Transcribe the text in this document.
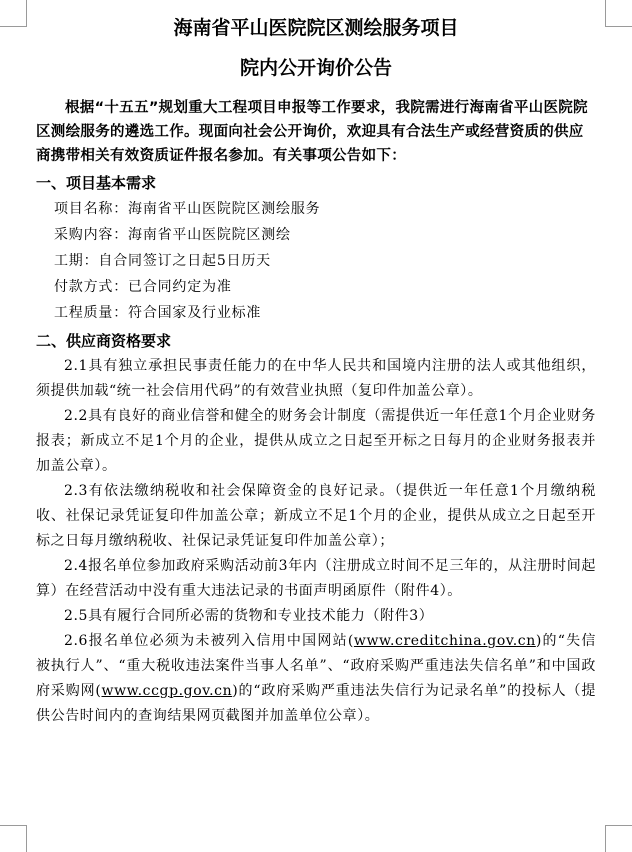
海南省平山医院院区测绘服务项目
院内公开询价公告

根据“十五五”规划重大工程项目申报等工作要求，我院需进行海南省平山医院院区测绘服务的遴选工作。现面向社会公开询价，欢迎具有合法生产或经营资质的供应商携带相关有效资质证件报名参加。有关事项公告如下：

一、项目基本需求
项目名称：海南省平山医院院区测绘服务
采购内容：海南省平山医院院区测绘
工期：自合同签订之日起5日历天
付款方式：已合同约定为准
工程质量：符合国家及行业标准
二、供应商资格要求

2.1具有独立承担民事责任能力的在中华人民共和国境内注册的法人或其他组织，须提供加载“统一社会信用代码”的有效营业执照（复印件加盖公章）。

2.2具有良好的商业信誉和健全的财务会计制度（需提供近一年任意1个月企业财务报表；新成立不足1个月的企业，提供从成立之日起至开标之日每月的企业财务报表并加盖公章）。

2.3有依法缴纳税收和社会保障资金的良好记录。（提供近一年任意1个月缴纳税收、社保记录凭证复印件加盖公章；新成立不足1个月的企业，提供从成立之日起至开标之日每月缴纳税收、社保记录凭证复印件加盖公章）；

2.4报名单位参加政府采购活动前3年内（注册成立时间不足三年的，从注册时间起算）在经营活动中没有重大违法记录的书面声明函原件（附件4）。

2.5具有履行合同所必需的货物和专业技术能力（附件3）

2.6报名单位必须为未被列入信用中国网站(www.creditchina.gov.cn)的“失信被执行人”、“重大税收违法案件当事人名单”、“政府采购严重违法失信名单”和中国政府采购网(www.ccgp.gov.cn)的“政府采购严重违法失信行为记录名单”的投标人（提供公告时间内的查询结果网页截图并加盖单位公章）。
